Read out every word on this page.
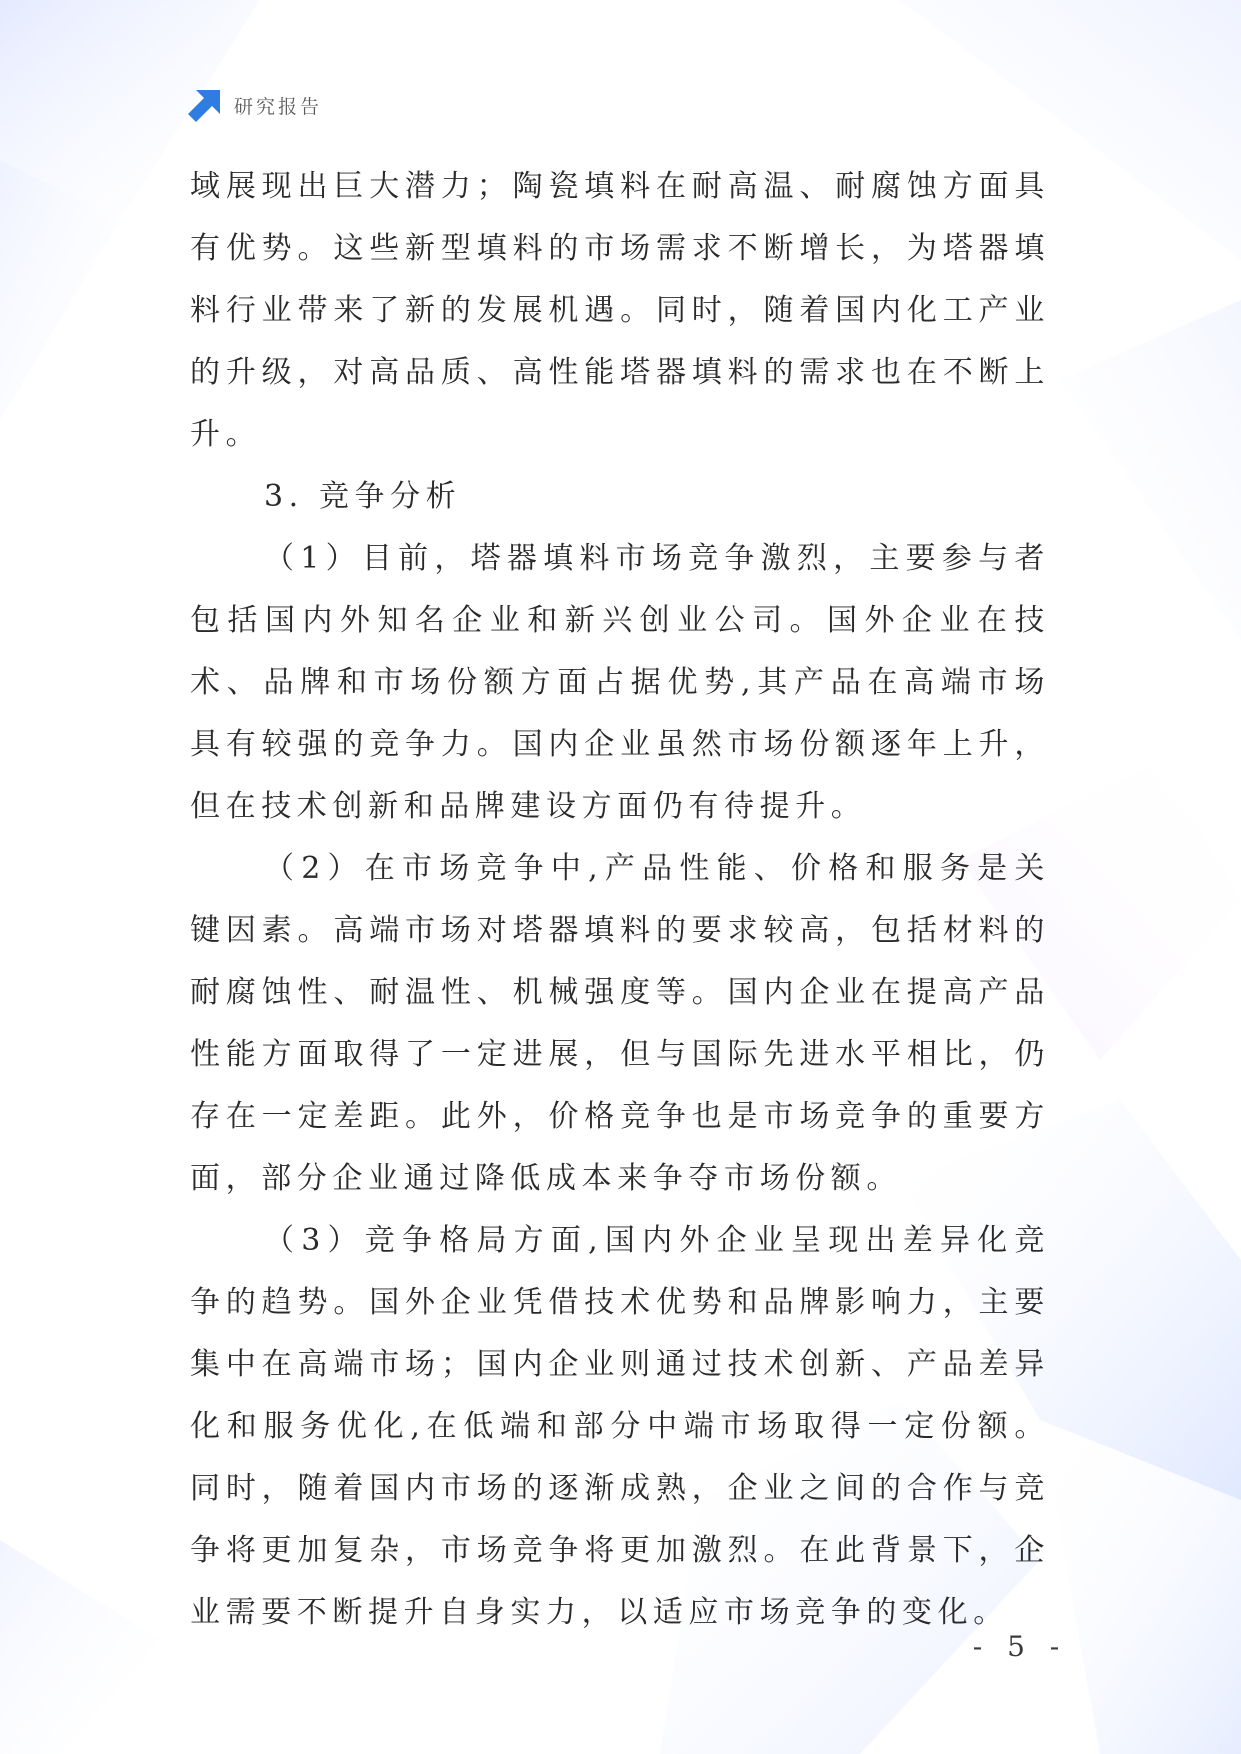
研究报告

域展现出巨大潜力；陶瓷填料在耐高温、耐腐蚀方面具有优势。这些新型填料的市场需求不断增长，为塔器填料行业带来了新的发展机遇。同时，随着国内化工产业的升级，对高品质、高性能塔器填料的需求也在不断上升。

3. 竞争分析

（1）目前，塔器填料市场竞争激烈，主要参与者包括国内外知名企业和新兴创业公司。国外企业在技术、品牌和市场份额方面占据优势,其产品在高端市场具有较强的竞争力。国内企业虽然市场份额逐年上升，但在技术创新和品牌建设方面仍有待提升。

（2）在市场竞争中,产品性能、价格和服务是关键因素。高端市场对塔器填料的要求较高，包括材料的耐腐蚀性、耐温性、机械强度等。国内企业在提高产品性能方面取得了一定进展，但与国际先进水平相比，仍存在一定差距。此外，价格竞争也是市场竞争的重要方面，部分企业通过降低成本来争夺市场份额。

（3）竞争格局方面,国内外企业呈现出差异化竞争的趋势。国外企业凭借技术优势和品牌影响力，主要集中在高端市场；国内企业则通过技术创新、产品差异化和服务优化,在低端和部分中端市场取得一定份额。同时，随着国内市场的逐渐成熟，企业之间的合作与竞争将更加复杂，市场竞争将更加激烈。在此背景下，企业需要不断提升自身实力，以适应市场竞争的变化。

- 5 -
